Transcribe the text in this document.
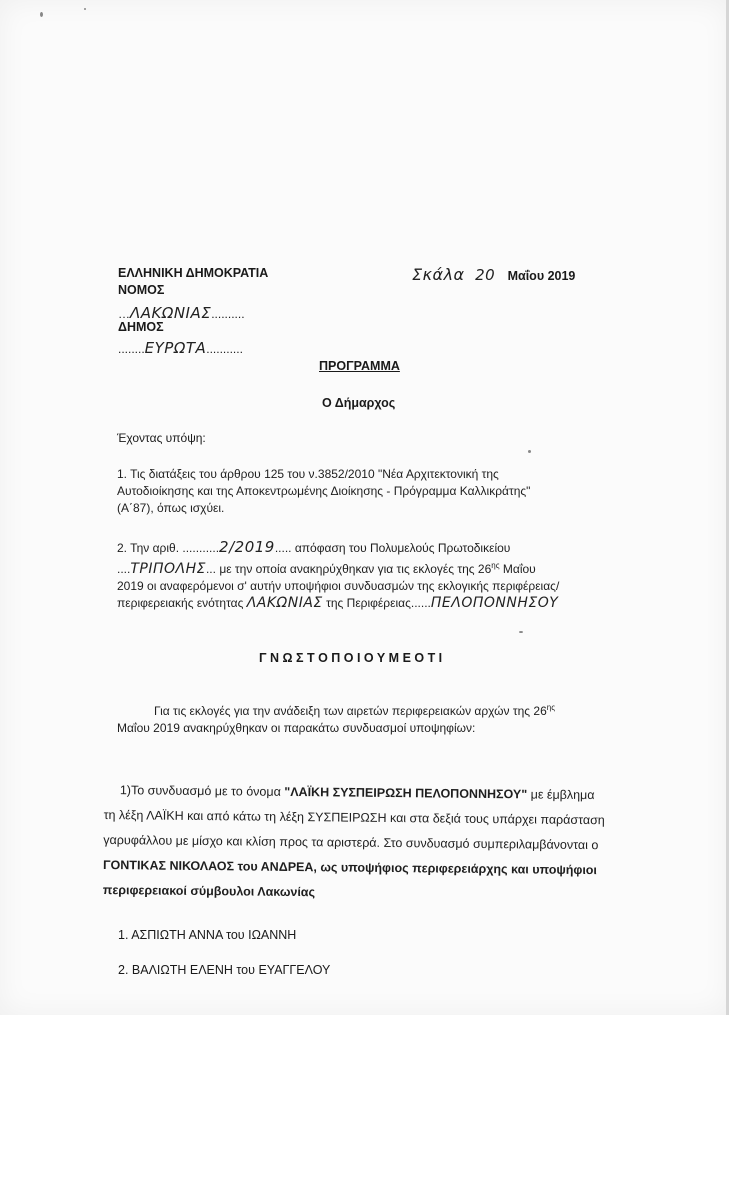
ΕΛΛΗΝΙΚΗ ΔΗΜΟΚΡΑΤΙΑ
ΝΟΜΟΣ
…ΛΑΚΩΝΙΑΣ..........
ΔΗΜΟΣ
........ΕΥΡΩΤΑ...........
Σκάλα 20 Μαΐου 2019
ΠΡΟΓΡΑΜΜΑ
Ο Δήμαρχος
Έχοντας υπόψη:
1. Τις διατάξεις του άρθρου 125 του ν.3852/2010 "Νέα Αρχιτεκτονική της
Αυτοδιοίκησης και της Αποκεντρωμένης Διοίκησης - Πρόγραμμα Καλλικράτης"
(Α΄87), όπως ισχύει.
2. Την αριθ. ...........2/2019..... απόφαση του Πολυμελούς Πρωτοδικείου
....ΤΡΙΠΟΛΗΣ... με την οποία ανακηρύχθηκαν για τις εκλογές της $26^{\eta\varsigma}$ Μαΐου
2019 οι αναφερόμενοι σ' αυτήν υποψήφιοι συνδυασμών της εκλογικής περιφέρειας/
περιφερειακής ενότητας ΛΑΚΩΝΙΑΣ της Περιφέρειας......ΠΕΛΟΠΟΝΝΗΣΟΥ
Γ Ν Ω Σ Τ Ο Π Ο Ι Ο Υ Μ Ε Ο Τ Ι
Για τις εκλογές για την ανάδειξη των αιρετών περιφερειακών αρχών της $26^{\eta\varsigma}$
Μαΐου 2019 ανακηρύχθηκαν οι παρακάτω συνδυασμοί υποψηφίων:
1)Το συνδυασμό με το όνομα "ΛΑΪΚΗ ΣΥΣΠΕΙΡΩΣΗ ΠΕΛΟΠΟΝΝΗΣΟΥ" με έμβλημα
τη λέξη ΛΑΪΚΗ και από κάτω τη λέξη ΣΥΣΠΕΙΡΩΣΗ και στα δεξιά τους υπάρχει παράσταση
γαρυφάλλου με μίσχο και κλίση προς τα αριστερά. Στο συνδυασμό συμπεριλαμβάνονται ο
ΓΟΝΤΙΚΑΣ ΝΙΚΟΛΑΟΣ του ΑΝΔΡΕΑ, ως υποψήφιος περιφερειάρχης και υποψήφιοι
περιφερειακοί σύμβουλοι Λακωνίας
1. ΑΣΠΙΩΤΗ ΑΝΝΑ του ΙΩΑΝΝΗ
2. ΒΑΛΙΩΤΗ ΕΛΕΝΗ του ΕΥΑΓΓΕΛΟΥ
